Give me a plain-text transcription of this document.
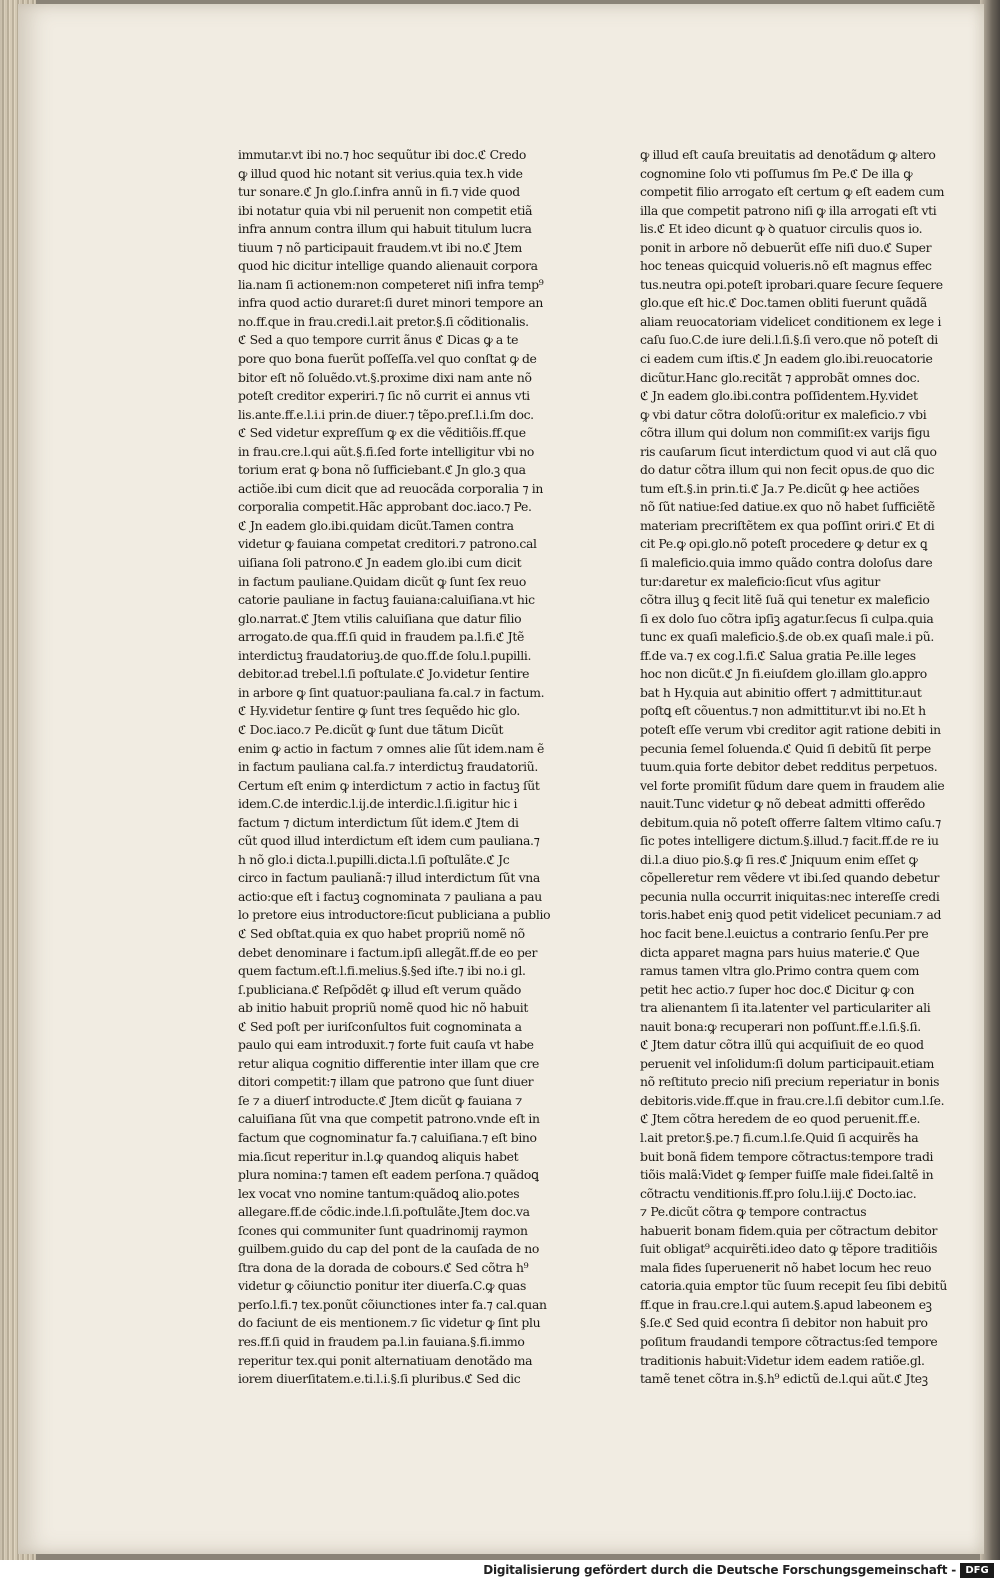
immutar.vt ibi no.⁊ hoc sequũtur ibi doc.ℭ Credo
ꝙ illud quod hic notant sit verius.quia tex.h vide
tur sonare.ℭ Jn glo.ſ.infra annũ in fi.⁊ vide quod
ibi notatur quia vbi nil peruenit non competit etiã
infra annum contra illum qui habuit titulum lucra
tiuum ⁊ nõ participauit fraudem.vt ibi no.ℭ Jtem
quod hic dicitur intellige quando alienauit corpora
lia.nam ſi actionem:non competeret niſi infra temp⁹
infra quod actio duraret:ſi duret minori tempore an
no.ff.que in frau.credi.l.ait pretor.§.ſi cõditionalis.
ℭ Sed a quo tempore currit ãnus ℭ Dicas ꝙ a te
pore quo bona fuerũt poſſeſſa.vel quo conſtat ꝙ de
bitor eſt nõ ſoluẽdo.vt.§.proxime dixi nam ante nõ
poteſt creditor experiri.⁊ ſic nõ currit ei annus vti
lis.ante.ff.e.l.i.i prin.de diuer.⁊ tẽpo.preſ.l.i.ſm doc.
ℭ Sed videtur expreſſum ꝙ ex die vẽditiõis.ff.que
in frau.cre.l.qui aũt.§.fi.ſed forte intelligitur vbi no
torium erat ꝙ bona nõ ſufficiebant.ℭ Jn glo.ꝫ qua
actiõe.ibi cum dicit que ad reuocãda corporalia ⁊ in
corporalia competit.Hãc approbant doc.iaco.⁊ Pe.
ℭ Jn eadem glo.ibi.quidam dicũt.Tamen contra
videtur ꝙ fauiana competat creditori.⁊ patrono.cal
uiſiana ſoli patrono.ℭ Jn eadem glo.ibi cum dicit
in factum pauliane.Quidam dicũt ꝙ ſunt ſex reuo
catorie pauliane in factuꝫ fauiana:caluiſiana.vt hic
glo.narrat.ℭ Jtem vtilis caluiſiana que datur filio
arrogato.de qua.ff.ſi quid in fraudem pa.l.fi.ℭ Jtẽ
interdictuꝫ fraudatoriuꝫ.de quo.ff.de ſolu.l.pupilli.
debitor.ad trebel.l.ſi poſtulate.ℭ Jo.videtur ſentire
in arbore ꝙ ſint quatuor:pauliana fa.cal.⁊ in factum.
ℭ Hy.videtur ſentire ꝙ ſunt tres ſequẽdo hic glo.
ℭ Doc.iaco.⁊ Pe.dicũt ꝙ ſunt due tãtum Dicũt
enim ꝙ actio in factum ⁊ omnes alie ſũt idem.nam ẽ
in factum pauliana cal.fa.⁊ interdictuꝫ fraudatoriũ.
Certum eſt enim ꝙ interdictum ⁊ actio in factuꝫ ſũt
idem.C.de interdic.l.ij.de interdic.l.ſi.igitur hic i
factum ⁊ dictum interdictum ſũt idem.ℭ Jtem di
cũt quod illud interdictum eſt idem cum pauliana.⁊
h nõ glo.i dicta.l.pupilli.dicta.l.ſi poſtulãte.ℭ Jc
circo in factum paulianã:⁊ illud interdictum ſũt vna
actio:que eſt i factuꝫ cognominata ⁊ pauliana a pau
lo pretore eius introductore:ſicut publiciana a publio
ℭ Sed obſtat.quia ex quo habet propriũ nomẽ nõ
debet denominare i factum.ipſi allegãt.ff.de eo per
quem factum.eſt.l.fi.melius.§.§ed iſte.⁊ ibi no.i gl.
ſ.publiciana.ℭ Reſpõdẽt ꝙ illud eſt verum quãdo
ab initio habuit propriũ nomẽ quod hic nõ habuit
ℭ Sed poſt per iuriſconſultos fuit cognominata a
paulo qui eam introduxit.⁊ forte fuit cauſa vt habe
retur aliqua cognitio differentie inter illam que cre
ditori competit:⁊ illam que patrono que ſunt diuer
ſe ⁊ a diuerſ introducte.ℭ Jtem dicũt ꝙ fauiana ⁊
caluiſiana ſũt vna que competit patrono.vnde eſt in
factum que cognominatur fa.⁊ caluiſiana.⁊ eſt bino
mia.ſicut reperitur in.l.ꝙ quandoꝗ aliquis habet
plura nomina:⁊ tamen eſt eadem perſona.⁊ quãdoꝗ
lex vocat vno nomine tantum:quãdoꝗ alio.potes
allegare.ff.de cõdic.inde.l.ſi.poſtulãte.Jtem doc.va
ſcones qui communiter ſunt quadrinomij raymon
guilbem.guido du cap del pont de la cauſada de no
ſtra dona de la dorada de cobours.ℭ Sed cõtra h⁹
videtur ꝙ cõiunctio ponitur iter diuerſa.C.ꝙ quas
perſo.l.fi.⁊ tex.ponũt cõiunctiones inter fa.⁊ cal.quan
do faciunt de eis mentionem.⁊ ſic videtur ꝙ ſint plu
res.ff.ſi quid in fraudem pa.l.in fauiana.§.fi.immo
reperitur tex.qui ponit alternatiuam denotãdo ma
iorem diuerſitatem.e.ti.l.i.§.ſi pluribus.ℭ Sed dic
ꝙ illud eſt cauſa breuitatis ad denotãdum ꝙ altero
cognomine ſolo vti poſſumus ſm Pe.ℭ De illa ꝙ
competit filio arrogato eſt certum ꝙ eſt eadem cum
illa que competit patrono niſi ꝙ illa arrogati eſt vti
lis.ℭ Et ideo dicunt ꝙ ꝺ quatuor circulis quos io.
ponit in arbore nõ debuerũt eſſe niſi duo.ℭ Super
hoc teneas quicquid volueris.nõ eſt magnus effec
tus.neutra opi.poteſt iprobari.quare ſecure ſequere
glo.que eſt hic.ℭ Doc.tamen obliti fuerunt quãdã
aliam reuocatoriam videlicet conditionem ex lege i
caſu ſuo.C.de iure deli.l.ſi.§.ſi vero.que nõ poteſt di
ci eadem cum iſtis.ℭ Jn eadem glo.ibi.reuocatorie
dicũtur.Hanc glo.recitãt ⁊ approbãt omnes doc.
ℭ Jn eadem glo.ibi.contra poſſidentem.Hy.videt
ꝙ vbi datur cõtra doloſũ:oritur ex maleficio.⁊ vbi
cõtra illum qui dolum non commiſit:ex varijs figu
ris cauſarum ſicut interdictum quod vi aut clã quo
do datur cõtra illum qui non fecit opus.de quo dic
tum eſt.§.in prin.ti.ℭ Ja.⁊ Pe.dicũt ꝙ hee actiões
nõ ſũt natiue:ſed datiue.ex quo nõ habet ſufficiẽtẽ
materiam precriſtẽtem ex qua poſſint oriri.ℭ Et di
cit Pe.ꝙ opi.glo.nõ poteſt procedere ꝙ detur ex ꝗ
ſi maleficio.quia immo quãdo contra doloſus dare
tur:daretur ex maleficio:ſicut vſus agitur
cõtra illuꝫ ꝗ fecit litẽ ſuã qui tenetur ex maleficio
ſi ex dolo ſuo cõtra ipſiꝫ agatur.ſecus ſi culpa.quia
tunc ex quaſi maleficio.§.de ob.ex quaſi male.i pũ.
ff.de va.⁊ ex cog.l.fi.ℭ Salua gratia Pe.ille leges
hoc non dicũt.ℭ Jn fi.eiuſdem glo.illam glo.appro
bat h Hy.quia aut abinitio offert ⁊ admittitur.aut
poſtꝗ eſt cõuentus.⁊ non admittitur.vt ibi no.Et h
poteſt eſſe verum vbi creditor agit ratione debiti in
pecunia ſemel ſoluenda.ℭ Quid ſi debitũ ſit perpe
tuum.quia forte debitor debet redditus perpetuos.
vel forte promiſit fũdum dare quem in fraudem alie
nauit.Tunc videtur ꝙ nõ debeat admitti offerẽdo
debitum.quia nõ poteſt offerre ſaltem vltimo caſu.⁊
ſic potes intelligere dictum.§.illud.⁊ facit.ff.de re iu
di.l.a diuo pio.§.ꝙ ſi res.ℭ Jniquum enim eſſet ꝙ
cõpelleretur rem vẽdere vt ibi.ſed quando debetur
pecunia nulla occurrit iniquitas:nec intereſſe credi
toris.habet eniꝫ quod petit videlicet pecuniam.⁊ ad
hoc facit bene.l.euictus a contrario ſenſu.Per pre
dicta apparet magna pars huius materie.ℭ Que
ramus tamen vltra glo.Primo contra quem com
petit hec actio.⁊ ſuper hoc doc.ℭ Dicitur ꝙ con
tra alienantem ſi ita.latenter vel particulariter ali
nauit bona:ꝙ recuperari non poſſunt.ff.e.l.ſi.§.ſi.
ℭ Jtem datur cõtra illũ qui acquiſiuit de eo quod
peruenit vel inſolidum:ſi dolum participauit.etiam
nõ reſtituto precio niſi precium reperiatur in bonis
debitoris.vide.ff.que in frau.cre.l.ſi debitor cum.l.ſe.
ℭ Jtem cõtra heredem de eo quod peruenit.ff.e.
l.ait pretor.§.pe.⁊ fi.cum.l.ſe.Quid ſi acquirẽs ha
buit bonã fidem tempore cõtractus:tempore tradi
tiõis malã:Videt ꝙ ſemper fuiſſe male fidei.ſaltẽ in
cõtractu venditionis.ff.pro ſolu.l.iij.ℭ Docto.iac.
⁊ Pe.dicũt cõtra ꝙ tempore contractus
habuerit bonam fidem.quia per cõtractum debitor
ſuit obligat⁹ acquirẽti.ideo dato ꝙ tẽpore traditiõis
mala fides ſuperuenerit nõ habet locum hec reuo
catoria.quia emptor tũc ſuum recepit ſeu ſibi debitũ
ff.que in frau.cre.l.qui autem.§.apud labeonem eꝫ
§.ſe.ℭ Sed quid econtra ſi debitor non habuit pro
poſitum fraudandi tempore cõtractus:ſed tempore
traditionis habuit:Videtur idem eadem ratiõe.gl.
tamẽ tenet cõtra in.§.h⁹ edictũ de.l.qui aũt.ℭ Jteꝫ
Digitalisierung gefördert durch die Deutsche Forschungsgemeinschaft - DFG
